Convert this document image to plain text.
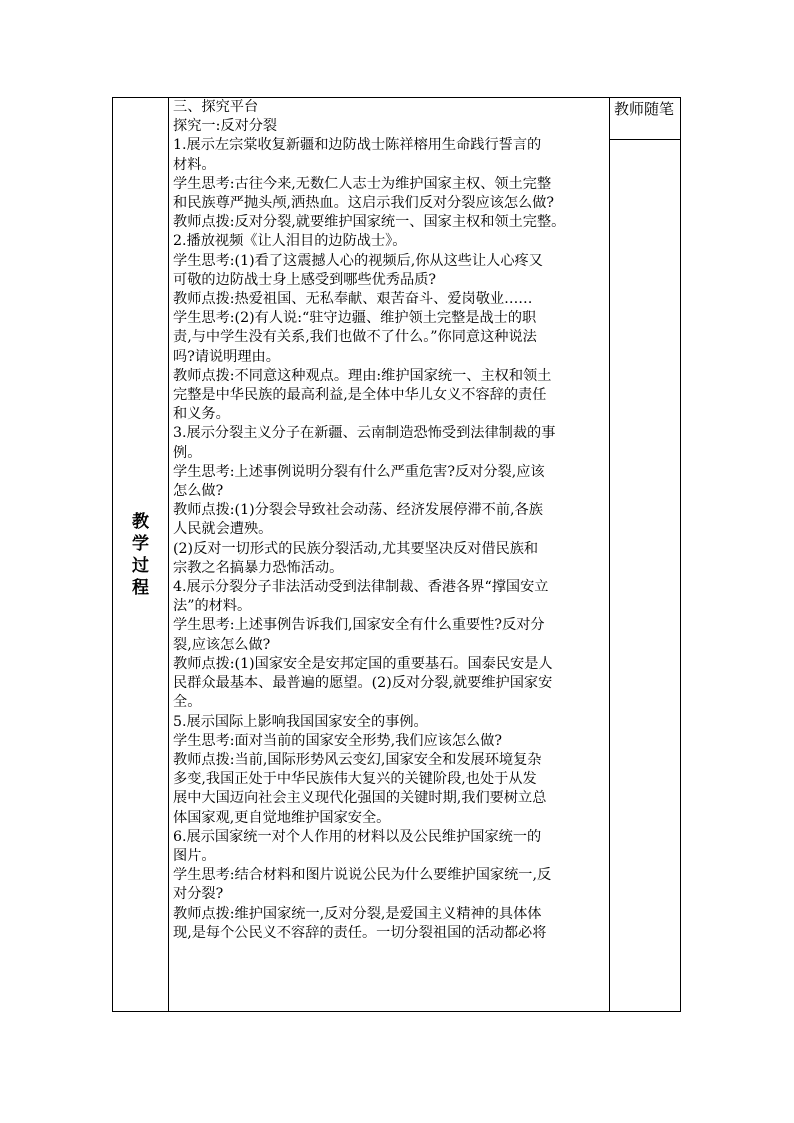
教
学
过
程

三、探究平台

探究一:反对分裂

1.展示左宗棠收复新疆和边防战士陈祥榕用生命践行誓言的

材料。

学生思考:古往今来,无数仁人志士为维护国家主权、领土完整

和民族尊严抛头颅,洒热血。这启示我们反对分裂应该怎么做?

教师点拨:反对分裂,就要维护国家统一、国家主权和领土完整。

2.播放视频《让人泪目的边防战士》。

学生思考:(1)看了这震撼人心的视频后,你从这些让人心疼又

可敬的边防战士身上感受到哪些优秀品质?

教师点拨:热爱祖国、无私奉献、艰苦奋斗、爱岗敬业……

学生思考:(2)有人说:“驻守边疆、维护领土完整是战士的职

责,与中学生没有关系,我们也做不了什么。”你同意这种说法

吗?请说明理由。

教师点拨:不同意这种观点。理由:维护国家统一、主权和领土

完整是中华民族的最高利益,是全体中华儿女义不容辞的责任

和义务。

3.展示分裂主义分子在新疆、云南制造恐怖受到法律制裁的事

例。

学生思考:上述事例说明分裂有什么严重危害?反对分裂,应该

怎么做?

教师点拨:(1)分裂会导致社会动荡、经济发展停滞不前,各族

人民就会遭殃。

(2)反对一切形式的民族分裂活动,尤其要坚决反对借民族和

宗教之名搞暴力恐怖活动。

4.展示分裂分子非法活动受到法律制裁、香港各界“撑国安立

法”的材料。

学生思考:上述事例告诉我们,国家安全有什么重要性?反对分

裂,应该怎么做?

教师点拨:(1)国家安全是安邦定国的重要基石。国泰民安是人

民群众最基本、最普遍的愿望。(2)反对分裂,就要维护国家安

全。

5.展示国际上影响我国国家安全的事例。

学生思考:面对当前的国家安全形势,我们应该怎么做?

教师点拨:当前,国际形势风云变幻,国家安全和发展环境复杂

多变,我国正处于中华民族伟大复兴的关键阶段,也处于从发

展中大国迈向社会主义现代化强国的关键时期,我们要树立总

体国家观,更自觉地维护国家安全。

6.展示国家统一对个人作用的材料以及公民维护国家统一的

图片。

学生思考:结合材料和图片说说公民为什么要维护国家统一,反

对分裂?

教师点拨:维护国家统一,反对分裂,是爱国主义精神的具体体

现,是每个公民义不容辞的责任。一切分裂祖国的活动都必将

教师随笔
